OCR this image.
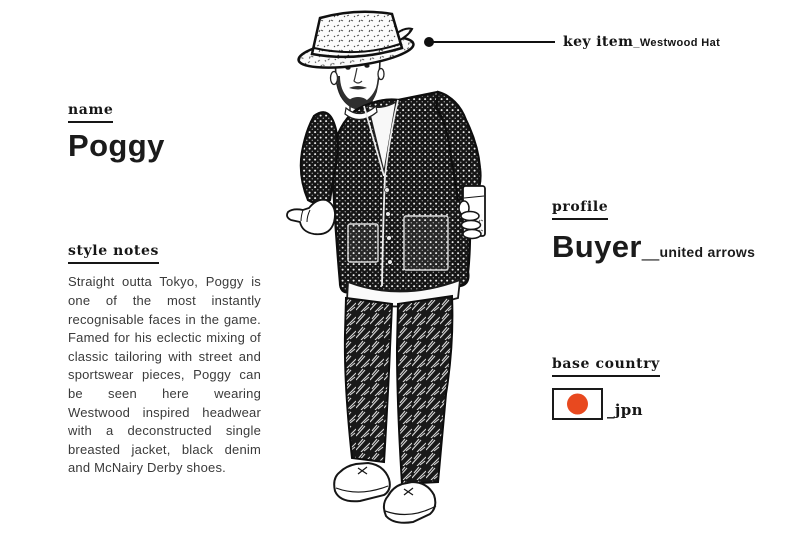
key item_Westwood Hat
name
Poggy
style notes

Straight outta Tokyo, Poggy is one of the most instantly recognisable faces in the game. Famed for his eclectic mixing of classic tailoring with street and sportswear pieces, Poggy can be seen here wearing Westwood inspired headwear with a deconstructed single breasted jacket, black denim and McNairy Derby shoes.

profile
Buyer_united arrows
base country
_jpn
